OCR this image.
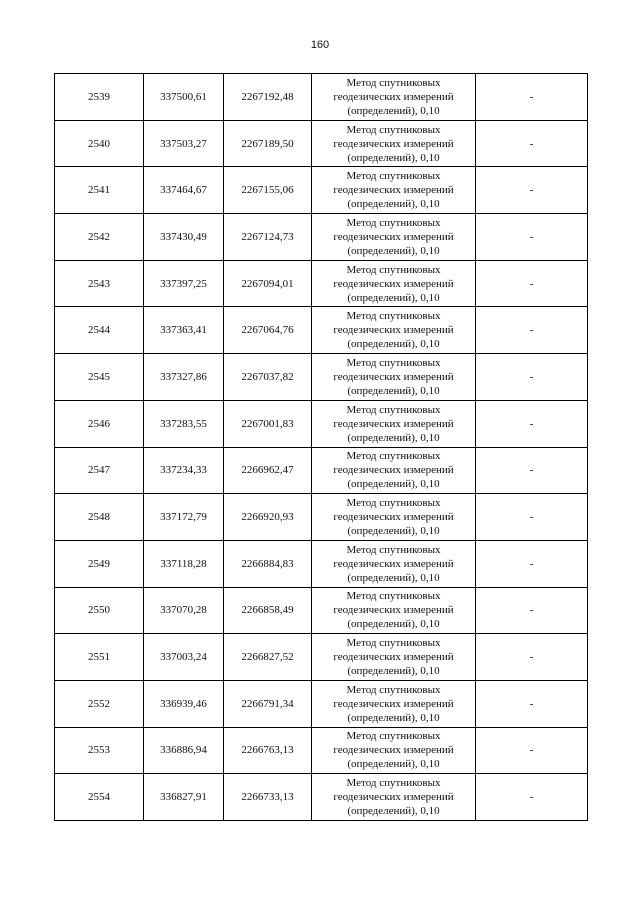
160
2539	337500,61	2267192,48	Метод спутниковых
геодезических измерений
(определений), 0,10	-
2540	337503,27	2267189,50	Метод спутниковых
геодезических измерений
(определений), 0,10	-
2541	337464,67	2267155,06	Метод спутниковых
геодезических измерений
(определений), 0,10	-
2542	337430,49	2267124,73	Метод спутниковых
геодезических измерений
(определений), 0,10	-
2543	337397,25	2267094,01	Метод спутниковых
геодезических измерений
(определений), 0,10	-
2544	337363,41	2267064,76	Метод спутниковых
геодезических измерений
(определений), 0,10	-
2545	337327,86	2267037,82	Метод спутниковых
геодезических измерений
(определений), 0,10	-
2546	337283,55	2267001,83	Метод спутниковых
геодезических измерений
(определений), 0,10	-
2547	337234,33	2266962,47	Метод спутниковых
геодезических измерений
(определений), 0,10	-
2548	337172,79	2266920,93	Метод спутниковых
геодезических измерений
(определений), 0,10	-
2549	337118,28	2266884,83	Метод спутниковых
геодезических измерений
(определений), 0,10	-
2550	337070,28	2266858,49	Метод спутниковых
геодезических измерений
(определений), 0,10	-
2551	337003,24	2266827,52	Метод спутниковых
геодезических измерений
(определений), 0,10	-
2552	336939,46	2266791,34	Метод спутниковых
геодезических измерений
(определений), 0,10	-
2553	336886,94	2266763,13	Метод спутниковых
геодезических измерений
(определений), 0,10	-
2554	336827,91	2266733,13	Метод спутниковых
геодезических измерений
(определений), 0,10	-
